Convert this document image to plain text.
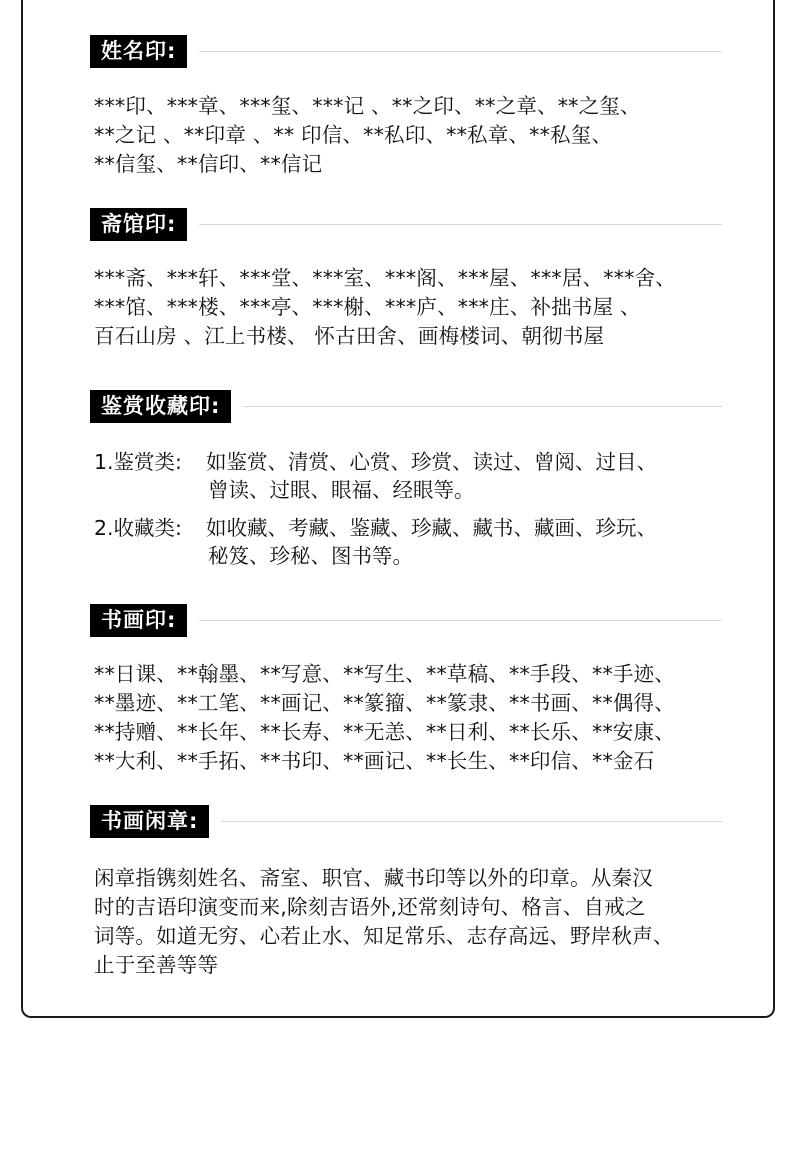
姓名印:
***印、***章、***玺、***记 、**之印、**之章、**之玺、
**之记 、**印章 、** 印信、**私印、**私章、**私玺、
**信玺、**信印、**信记
斋馆印:
***斋、***轩、***堂、***室、***阁、***屋、***居、***舍、
***馆、***楼、***亭、***榭、***庐、***庄、补拙书屋 、
百石山房 、江上书楼、 怀古田舍、画梅楼词、朝彻书屋
鉴赏收藏印:
1.鉴赏类: 如鉴赏、清赏、心赏、珍赏、读过、曾阅、过目、
曾读、过眼、眼福、经眼等。
2.收藏类: 如收藏、考藏、鉴藏、珍藏、藏书、藏画、珍玩、
秘笈、珍秘、图书等。
书画印:
**日课、**翰墨、**写意、**写生、**草稿、**手段、**手迹、
**墨迹、**工笔、**画记、**篆籀、**篆隶、**书画、**偶得、
**持赠、**长年、**长寿、**无恙、**日利、**长乐、**安康、
**大利、**手拓、**书印、**画记、**长生、**印信、**金石
书画闲章:
闲章指镌刻姓名、斋室、职官、藏书印等以外的印章。从秦汉
时的吉语印演变而来,除刻吉语外,还常刻诗句、格言、自戒之
词等。如道无穷、心若止水、知足常乐、志存高远、野岸秋声、
止于至善等等
